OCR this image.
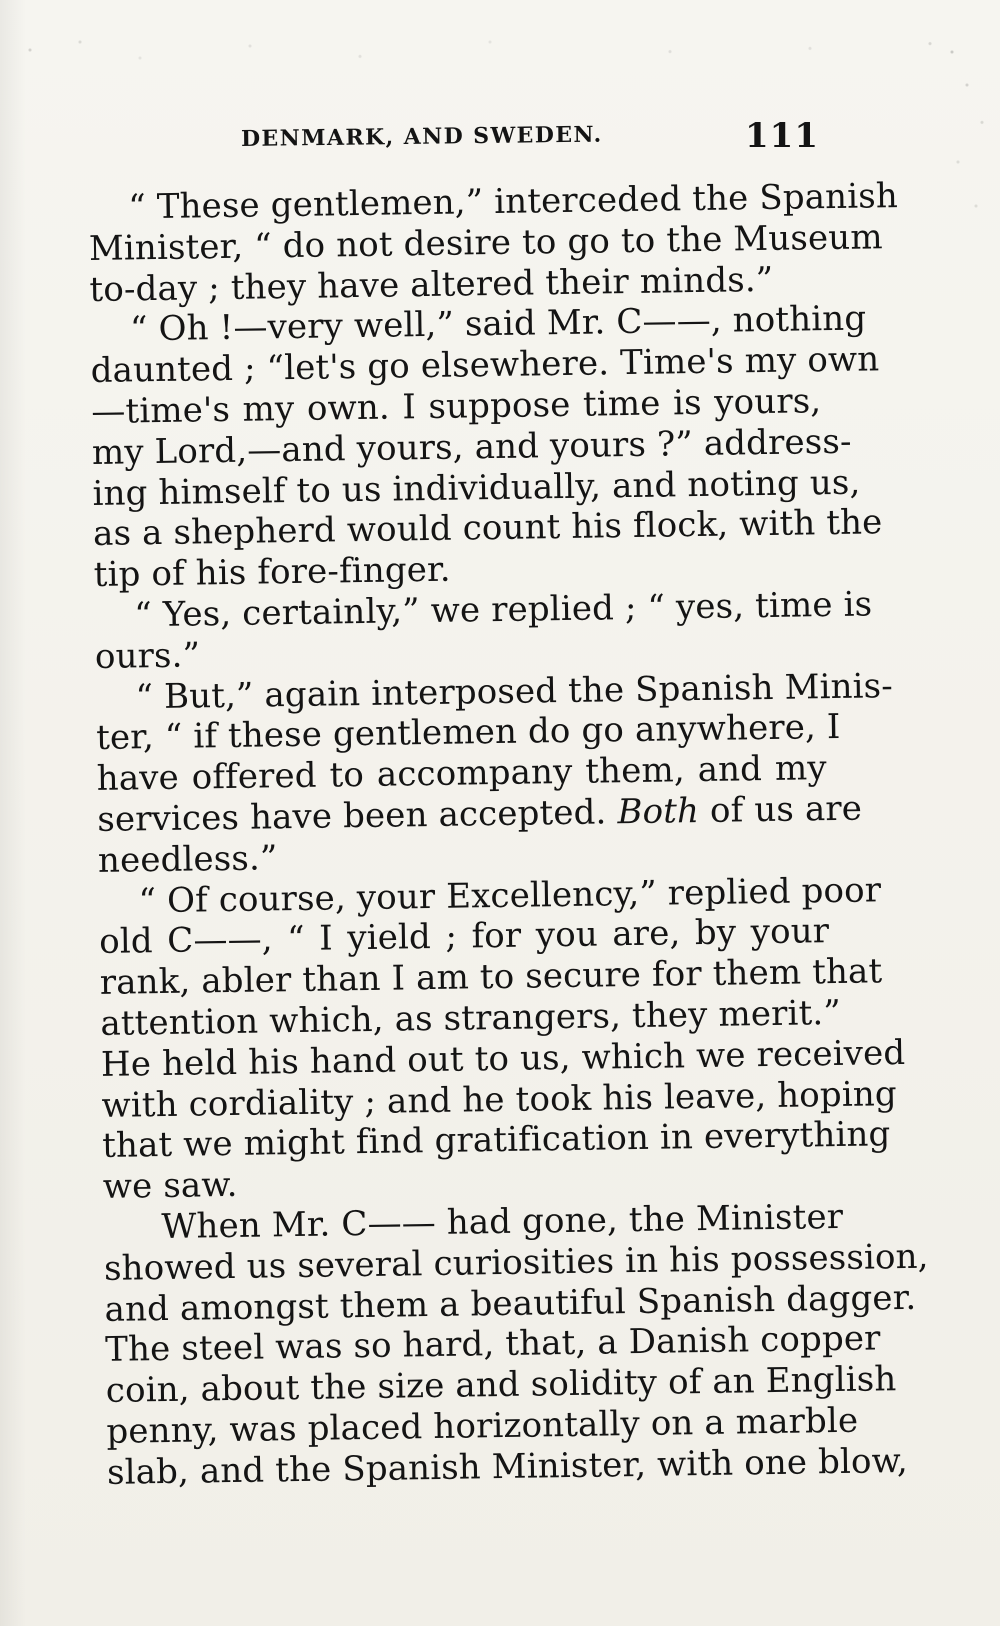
DENMARK, AND SWEDEN.	111
“ These gentlemen,” interceded the Spanish
Minister, “ do not desire to go to the Museum
to-day ; they have altered their minds.”
“ Oh !—very well,” said Mr. C——, nothing
daunted ; “let's go elsewhere. Time's my own
—time's my own. I suppose time is yours,
my Lord,—and yours, and yours ?” address-
ing himself to us individually, and noting us,
as a shepherd would count his flock, with the
tip of his fore-finger.
“ Yes, certainly,” we replied ; “ yes, time is
ours.”
“ But,” again interposed the Spanish Minis-
ter, “ if these gentlemen do go anywhere, I
have offered to accompany them, and my
services have been accepted. Both of us are
needless.”
“ Of course, your Excellency,” replied poor
old C——, “ I yield ; for you are, by your
rank, abler than I am to secure for them that
attention which, as strangers, they merit.”
He held his hand out to us, which we received
with cordiality ; and he took his leave, hoping
that we might find gratification in everything
we saw.
When Mr. C—— had gone, the Minister
showed us several curiosities in his possession,
and amongst them a beautiful Spanish dagger.
The steel was so hard, that, a Danish copper
coin, about the size and solidity of an English
penny, was placed horizontally on a marble
slab, and the Spanish Minister, with one blow,
